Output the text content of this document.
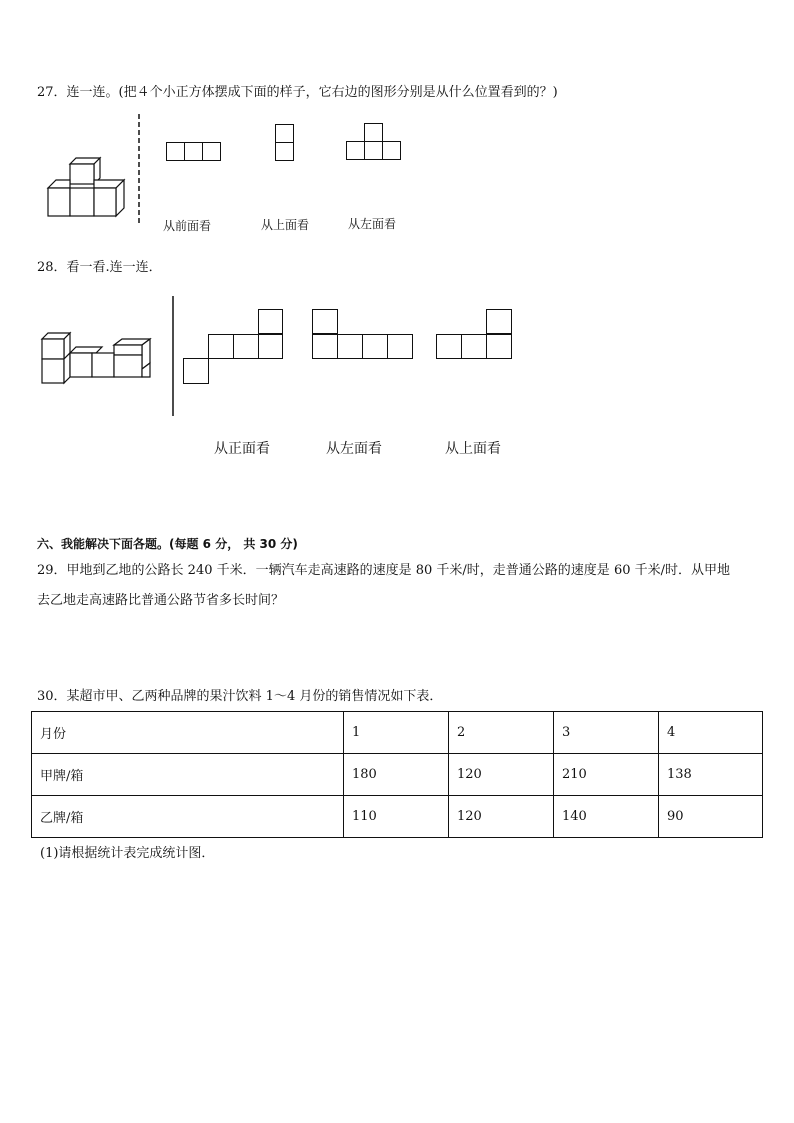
27．连一连。(把４个小正方体摆成下面的样子，它右边的图形分别是从什么位置看到的？)
从前面看	从上面看	从左面看
28．看一看.连一连．
从正面看	从左面看	从上面看
六、我能解决下面各题。(每题 6 分， 共 30 分)
29．甲地到乙地的公路长 240 千米．一辆汽车走高速路的速度是 80 千米/时，走普通公路的速度是 60 千米/时．从甲地
去乙地走高速路比普通公路节省多长时间？
30．某超市甲、乙两种品牌的果汁饮料 1～4 月份的销售情况如下表．
月份	1	2	3	4
甲牌/箱	180	120	210	138
乙牌/箱	110	120	140	90
(1)请根据统计表完成统计图．
